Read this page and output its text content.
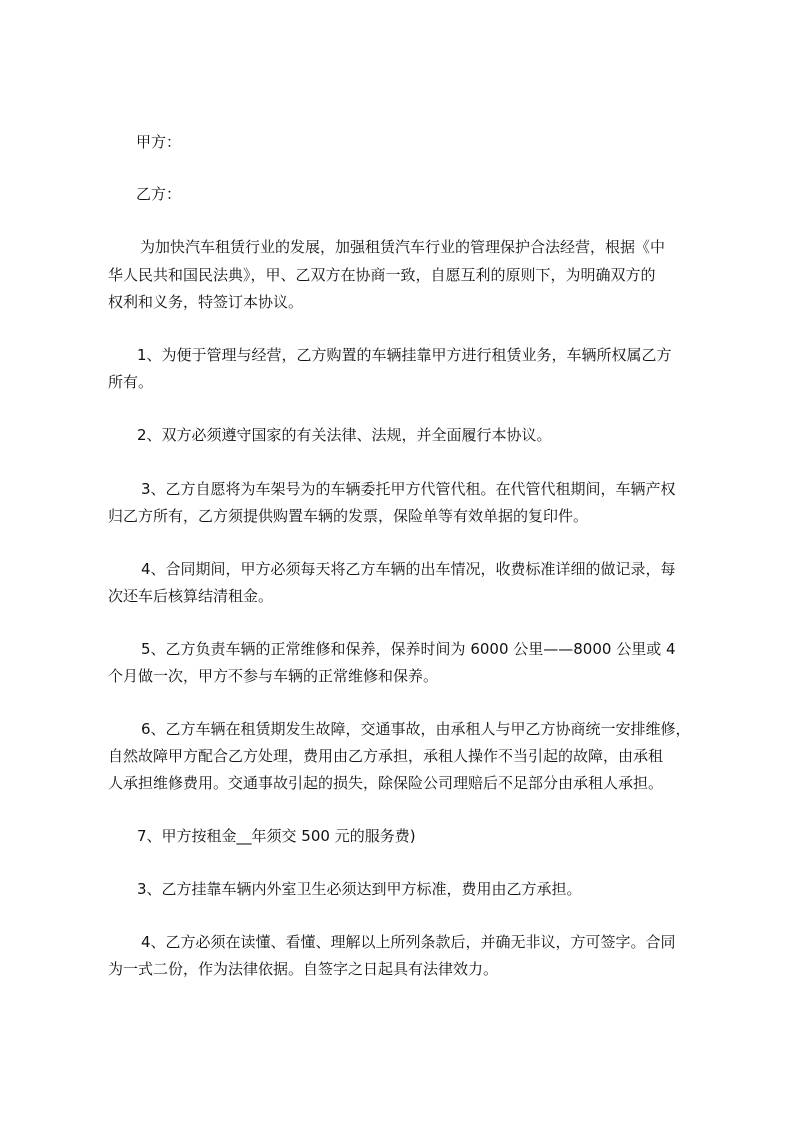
甲方：
乙方：
为加快汽车租赁行业的发展，加强租赁汽车行业的管理保护合法经营，根据《中
华人民共和国民法典》，甲、乙双方在协商一致，自愿互利的原则下，为明确双方的
权利和义务，特签订本协议。
1、为便于管理与经营，乙方购置的车辆挂靠甲方进行租赁业务，车辆所权属乙方
所有。
2、双方必须遵守国家的有关法律、法规，并全面履行本协议。
3、乙方自愿将为车架号为的车辆委托甲方代管代租。在代管代租期间，车辆产权
归乙方所有，乙方须提供购置车辆的发票，保险单等有效单据的复印件。
4、合同期间，甲方必须每天将乙方车辆的出车情况，收费标准详细的做记录，每
次还车后核算结清租金。
5、乙方负责车辆的正常维修和保养，保养时间为 6000 公里——8000 公里或 4
个月做一次，甲方不参与车辆的正常维修和保养。
6、乙方车辆在租赁期发生故障，交通事故，由承租人与甲乙方协商统一安排维修，
自然故障甲方配合乙方处理，费用由乙方承担，承租人操作不当引起的故障，由承租
人承担维修费用。交通事故引起的损失，除保险公司理赔后不足部分由承租人承担。
7、甲方按租金__年须交 500 元的服务费)
3、乙方挂靠车辆内外室卫生必须达到甲方标准，费用由乙方承担。
4、乙方必须在读懂、看懂、理解以上所列条款后，并确无非议，方可签字。合同
为一式二份，作为法律依据。自签字之日起具有法律效力。
